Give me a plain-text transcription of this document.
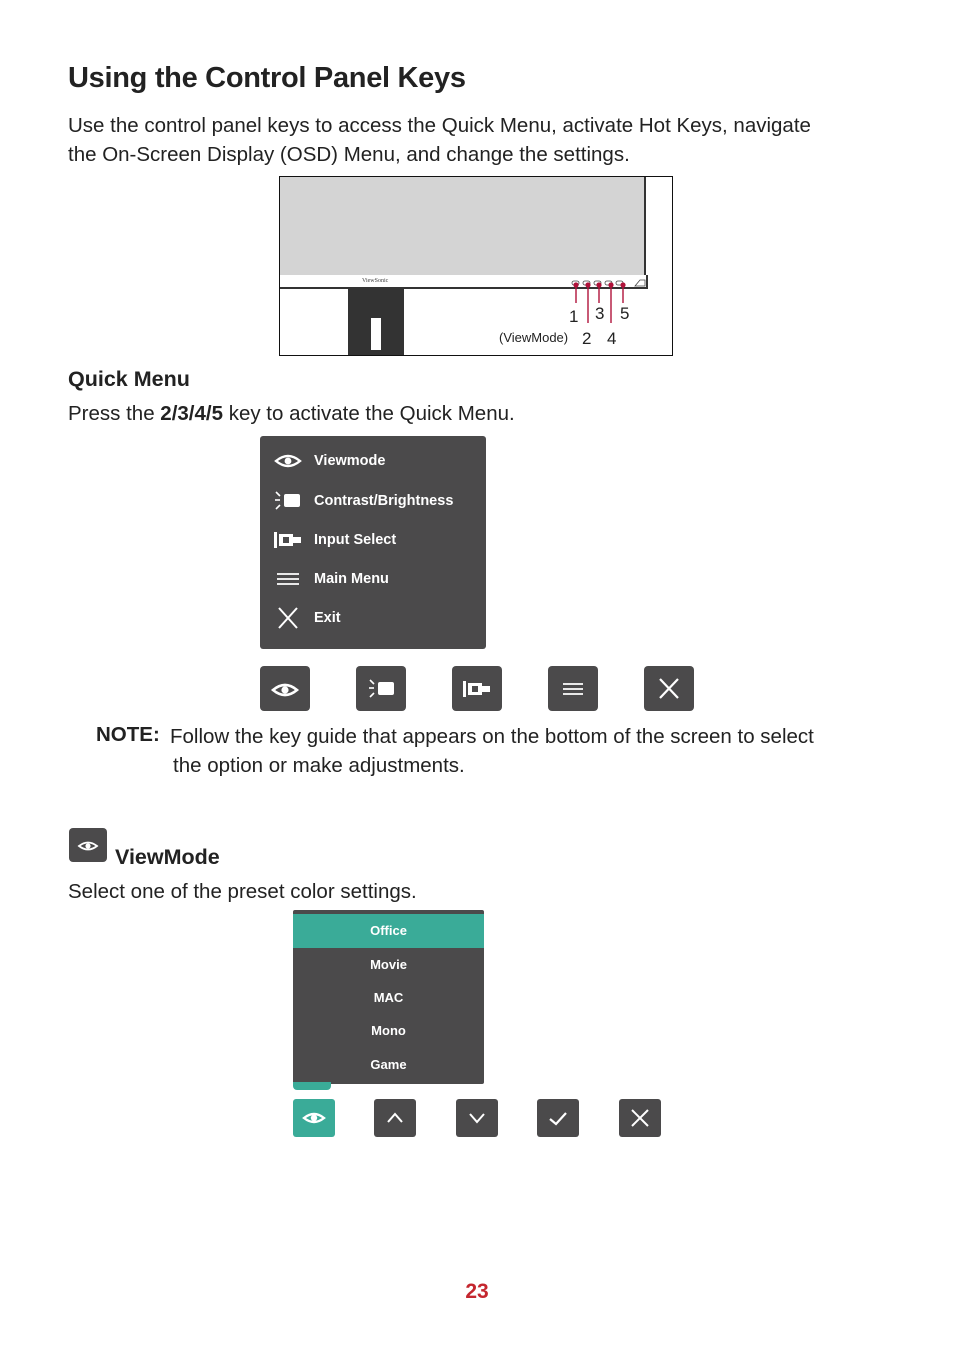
Using the Control Panel Keys
Use the control panel keys to access the Quick Menu, activate Hot Keys, navigate
the On-Screen Display (OSD) Menu, and change the settings.
ViewSonic
1
2
3
4
5
(ViewMode)
Quick Menu
Press the 2/3/4/5 key to activate the Quick Menu.
Viewmode
Contrast/Brightness
Input Select
Main Menu
Exit
NOTE: Follow the key guide that appears on the bottom of the screen to select
the option or make adjustments.
ViewMode
Select one of the preset color settings.
Office
Movie
MAC
Mono
Game
23
